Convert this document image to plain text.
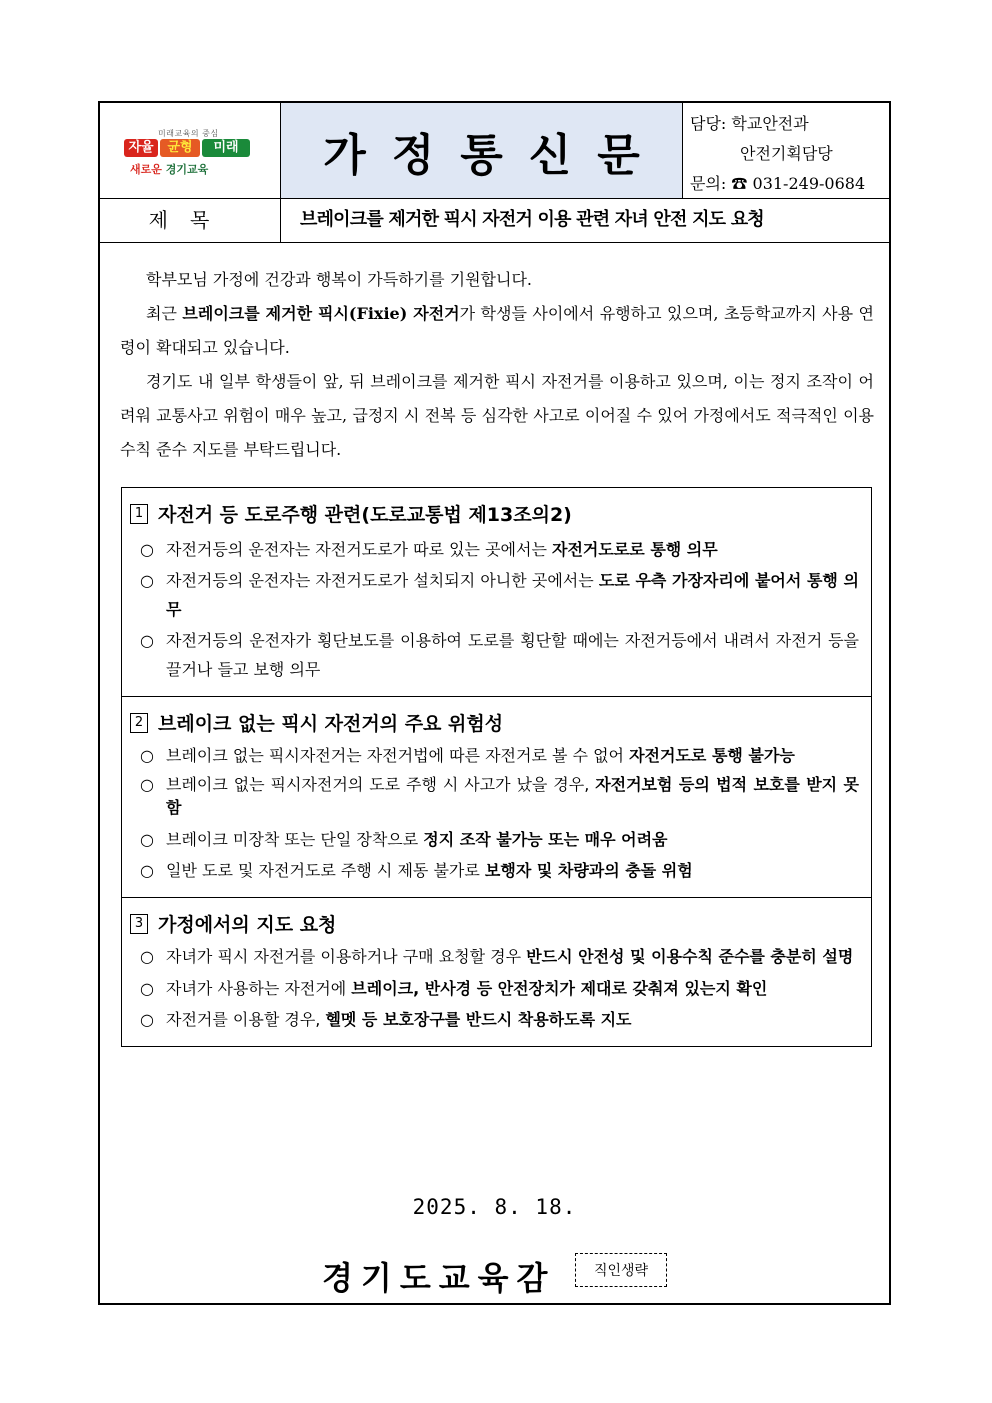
미래교육의 중심
자율	균형	미래
새로운 경기교육	가정통신문
담당: 학교안전과
안전기획담당
문의: ☎ 031-249-0684
제목	브레이크를 제거한 픽시 자전거 이용 관련 자녀 안전 지도 요청

학부모님 가정에 건강과 행복이 가득하기를 기원합니다.

최근 브레이크를 제거한 픽시(Fixie) 자전거가 학생들 사이에서 유행하고 있으며, 초등학교까지 사용 연령이 확대되고 있습니다.

경기도 내 일부 학생들이 앞, 뒤 브레이크를 제거한 픽시 자전거를 이용하고 있으며, 이는 정지 조작이 어려워 교통사고 위험이 매우 높고, 급정지 시 전복 등 심각한 사고로 이어질 수 있어 가정에서도 적극적인 이용수칙 준수 지도를 부탁드립니다.

1 자전거 등 도로주행 관련(도로교통법 제13조의2)
○ 자전거등의 운전자는 자전거도로가 따로 있는 곳에서는 자전거도로로 통행 의무
○ 자전거등의 운전자는 자전거도로가 설치되지 아니한 곳에서는 도로 우측 가장자리에 붙어서 통행 의무
○ 자전거등의 운전자가 횡단보도를 이용하여 도로를 횡단할 때에는 자전거등에서 내려서 자전거 등을 끌거나 들고 보행 의무
2 브레이크 없는 픽시 자전거의 주요 위험성
○ 브레이크 없는 픽시자전거는 자전거법에 따른 자전거로 볼 수 없어 자전거도로 통행 불가능
○ 브레이크 없는 픽시자전거의 도로 주행 시 사고가 났을 경우, 자전거보험 등의 법적 보호를 받지 못함
○ 브레이크 미장착 또는 단일 장착으로 정지 조작 불가능 또는 매우 어려움
○ 일반 도로 및 자전거도로 주행 시 제동 불가로 보행자 및 차량과의 충돌 위험
3 가정에서의 지도 요청
○ 자녀가 픽시 자전거를 이용하거나 구매 요청할 경우 반드시 안전성 및 이용수칙 준수를 충분히 설명
○ 자녀가 사용하는 자전거에 브레이크, 반사경 등 안전장치가 제대로 갖춰져 있는지 확인
○ 자전거를 이용할 경우, 헬멧 등 보호장구를 반드시 착용하도록 지도
2025. 8. 18.
경기도교육감	직인생략
